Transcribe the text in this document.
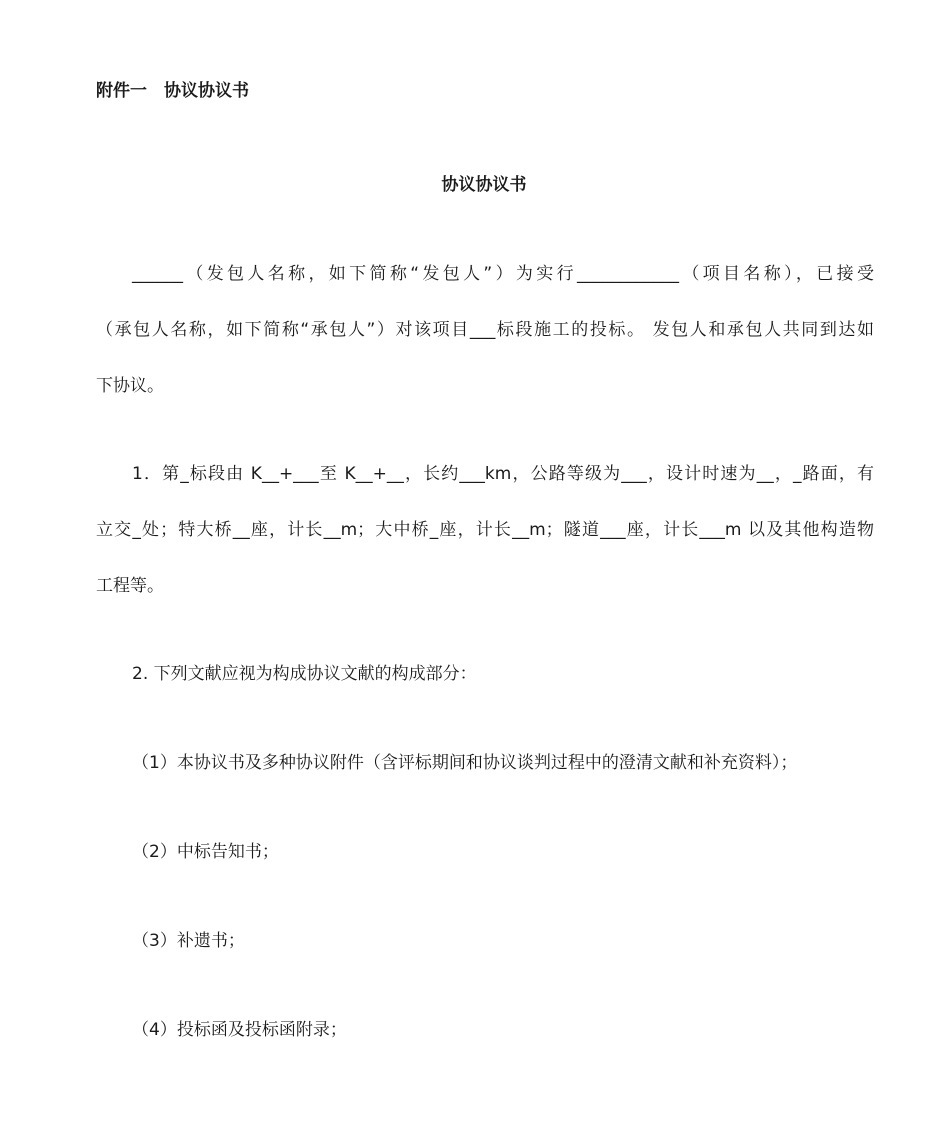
附件一　协议协议书

协议协议书

______（发包人名称，如下简称“发包人”）为实行____________（项目名称），已接受

（承包人名称，如下简称“承包人”）对该项目___标段施工的投标。 发包人和承包人共同到达如

下协议。

1．第_标段由 K__+___至 K__+__，长约___km，公路等级为___，设计时速为__，_路面，有

立交_处；特大桥__座，计长__m；大中桥_座，计长__m；隧道___座，计长___m 以及其他构造物

工程等。

2. 下列文献应视为构成协议文献的构成部分：

（1）本协议书及多种协议附件（含评标期间和协议谈判过程中的澄清文献和补充资料）；

（2）中标告知书；

（3）补遗书；

（4）投标函及投标函附录；
